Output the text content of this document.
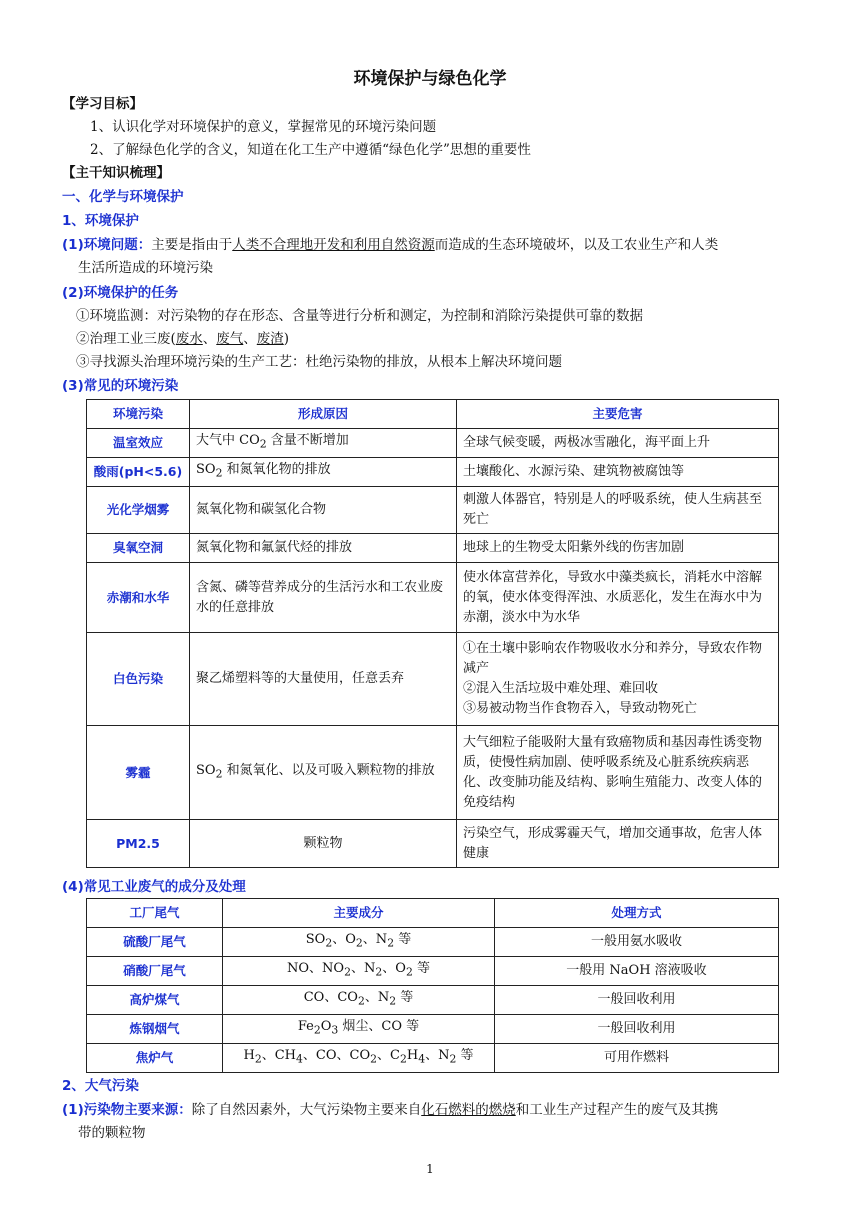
环境保护与绿色化学
【学习目标】
1、认识化学对环境保护的意义，掌握常见的环境污染问题
2、了解绿色化学的含义，知道在化工生产中遵循“绿色化学”思想的重要性
【主干知识梳理】
一、化学与环境保护
1、环境保护
(1)环境问题：主要是指由于人类不合理地开发和利用自然资源而造成的生态环境破坏，以及工农业生产和人类
生活所造成的环境污染
(2)环境保护的任务
①环境监测：对污染物的存在形态、含量等进行分析和测定，为控制和消除污染提供可靠的数据
②治理工业三废(废水、废气、废渣)
③寻找源头治理环境污染的生产工艺：杜绝污染物的排放，从根本上解决环境问题
(3)常见的环境污染
环境污染	形成原因	主要危害
温室效应	大气中 $CO_2$ 含量不断增加	全球气候变暖，两极冰雪融化，海平面上升
酸雨(pH<5.6)	$SO_2$ 和氮氧化物的排放	土壤酸化、水源污染、建筑物被腐蚀等
光化学烟雾	氮氧化物和碳氢化合物	刺激人体器官，特别是人的呼吸系统，使人生病甚至死亡
臭氧空洞	氮氧化物和氟氯代烃的排放	地球上的生物受太阳紫外线的伤害加剧
赤潮和水华	含氮、磷等营养成分的生活污水和工农业废水的任意排放	使水体富营养化，导致水中藻类疯长，消耗水中溶解的氧，使水体变得浑浊、水质恶化，发生在海水中为赤潮，淡水中为水华
白色污染	聚乙烯塑料等的大量使用，任意丢弃	①在土壤中影响农作物吸收水分和养分，导致农作物减产
②混入生活垃圾中难处理、难回收
③易被动物当作食物吞入，导致动物死亡

雾霾	$SO_2$ 和氮氧化、以及可吸入颗粒物的排放	大气细粒子能吸附大量有致癌物质和基因毒性诱变物质，使慢性病加剧、使呼吸系统及心脏系统疾病恶化、改变肺功能及结构、影响生殖能力、改变人体的免疫结构
PM2.5	颗粒物	污染空气，形成雾霾天气，增加交通事故，危害人体健康
(4)常见工业废气的成分及处理
工厂尾气	主要成分	处理方式
硫酸厂尾气	$SO_2$、$O_2$、$N_2$ 等	一般用氨水吸收
硝酸厂尾气	NO、$NO_2$、$N_2$、$O_2$ 等	一般用 NaOH 溶液吸收
高炉煤气	CO、$CO_2$、$N_2$ 等	一般回收利用
炼钢烟气	$Fe_2O_3$ 烟尘、CO 等	一般回收利用
焦炉气	$H_2$、$CH_4$、CO、$CO_2$、$C_2H_4$、$N_2$ 等	可用作燃料
2、大气污染
(1)污染物主要来源：除了自然因素外，大气污染物主要来自化石燃料的燃烧和工业生产过程产生的废气及其携
带的颗粒物
1
